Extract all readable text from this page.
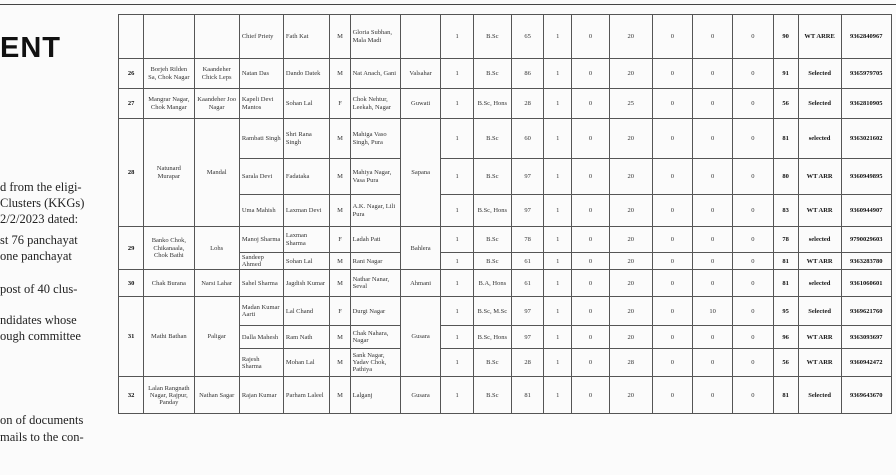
ENT
d from the eligi-
Clusters (KKGs)
2/2/2023 dated:
st 76 panchayat
one panchayat
post of 40 clus-
ndidates whose
ough committee
on of documents
mails to the con-
			Chief Priety	Fath Kat	M	Gloria Subhan, Mala Madi		1	B.Sc	65	1	0	20	0	0	0	90	WT ARRE	9362840967
26	Borjeh Rilden Sa, Chok Nagar	Kaandeher Chick Leps	Natan Das	Dando Datek	M	Nat Anach, Gani	Valsahar	1	B.Sc	86	1	0	20	0	0	0	91	Selected	9365979705
27	Mangrar Nagar, Chok Mangar	Kaandeher Joo Nagar	Kapeli Devi Mantos	Sohan Lal	F	Chok Nehtur, Leekah, Nagar	Guwati	1	B.Sc, Hons	28	1	0	25	0	0	0	56	Selected	9362810905
28	Natunard Murapar	Mandal	Rambati Singh	Shri Rana Singh	M	Mahiga Vaso Singh, Pura	Sapana	1	B.Sc	60	1	0	20	0	0	0	81	selected	9363021602
			Sarala Devi	Fadataka	M	Mahiya Nagar, Vasa Pura		1	B.Sc	97	1	0	20	0	0	0	80	WT ARR	9360949895
			Uma Mahish	Laxman Devi	M	A.K. Nagar, Lili Pura		1	B.Sc, Hons	97	1	0	20	0	0	0	83	WT ARR	9360944907
29	Banko Chok, Chikanaala, Chok Bathi	Lohs	Manoj Sharma	Laxman Sharma	F	Ladah Pati	Bahlera	1	B.Sc	78	1	0	20	0	0	0	78	selected	9790029603
			Sandeep Ahmed	Sohan Lal	M	Rani Nagar		1	B.Sc	61	1	0	20	0	0	0	81	WT ARR	9363283780
30	Chak Burana	Narsi Lahar	Sahel Sharma	Jagdish Kumar	M	Nathar Nanar, Seval	Ahmani	1	B.A, Hons	61	1	0	20	0	0	0	81	selected	9361060601
31	Mathi Bathan	Paligar	Madan Kumar Aarti	Lal Chand	F	Durgi Nagar	Gusara	1	B.Sc, M.Sc	97	1	0	20	0	10	0	95	Selected	9369621760
			Dalla Mahesh	Ram Nath	M	Chak Nahara, Nagar		1	B.Sc, Hons	97	1	0	20	0	0	0	96	WT ARR	9363093697
			Rajesh Sharma	Mohan Lal	M	Sank Nagar, Yadav Chok, Pathiya		1	B.Sc	28	1	0	28	0	0	0	56	WT ARR	9360942472
32	Lalan Rangnath Nagar, Rajpur, Panday	Nathan Sagar	Rajan Kumar	Parham Laleel	M	Lalganj	Gusara	1	B.Sc	81	1	0	20	0	0	0	81	Selected	9369643670
